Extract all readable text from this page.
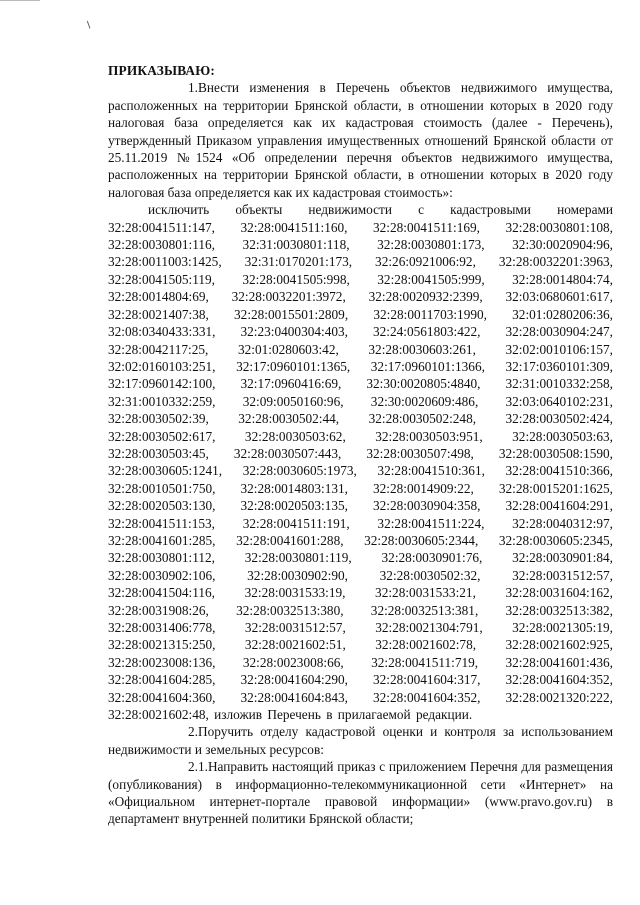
ПРИКАЗЫВАЮ:

1.Внести изменения в Перечень объектов недвижимого имущества, расположенных на территории Брянской области, в отношении которых в 2020 году налоговая база определяется как их кадастровая стоимость (далее - Перечень), утвержденный Приказом управления имущественных отношений Брянской области от 25.11.2019 №1524 «Об определении перечня объектов недвижимого имущества, расположенных на территории Брянской области, в отношении которых в 2020 году налоговая база определяется как их кадастровая стоимость»:

исключить объекты недвижимости с кадастровыми номерами
32:28:0041511:147, 32:28:0041511:160, 32:28:0041511:169, 32:28:0030801:108,
32:28:0030801:116, 32:31:0030801:118, 32:28:0030801:173, 32:30:0020904:96,
32:28:0011003:1425, 32:31:0170201:173, 32:26:0921006:92, 32:28:0032201:3963,
32:28:0041505:119, 32:28:0041505:998, 32:28:0041505:999, 32:28:0014804:74,
32:28:0014804:69, 32:28:0032201:3972, 32:28:0020932:2399, 32:03:0680601:617,
32:28:0021407:38, 32:28:0015501:2809, 32:28:0011703:1990, 32:01:0280206:36,
32:08:0340433:331, 32:23:0400304:403, 32:24:0561803:422, 32:28:0030904:247,
32:28:0042117:25, 32:01:0280603:42, 32:28:0030603:261, 32:02:0010106:157,
32:02:0160103:251, 32:17:0960101:1365, 32:17:0960101:1366, 32:17:0360101:309,
32:17:0960142:100, 32:17:0960416:69, 32:30:0020805:4840, 32:31:0010332:258,
32:31:0010332:259, 32:09:0050160:96, 32:30:0020609:486, 32:03:0640102:231,
32:28:0030502:39, 32:28:0030502:44, 32:28:0030502:248, 32:28:0030502:424,
32:28:0030502:617, 32:28:0030503:62, 32:28:0030503:951, 32:28:0030503:63,
32:28:0030503:45, 32:28:0030507:443, 32:28:0030507:498, 32:28:0030508:1590,
32:28:0030605:1241, 32:28:0030605:1973, 32:28:0041510:361, 32:28:0041510:366,
32:28:0010501:750, 32:28:0014803:131, 32:28:0014909:22, 32:28:0015201:1625,
32:28:0020503:130, 32:28:0020503:135, 32:28:0030904:358, 32:28:0041604:291,
32:28:0041511:153, 32:28:0041511:191, 32:28:0041511:224, 32:28:0040312:97,
32:28:0041601:285, 32:28:0041601:288, 32:28:0030605:2344, 32:28:0030605:2345,
32:28:0030801:112, 32:28:0030801:119, 32:28:0030901:76, 32:28:0030901:84,
32:28:0030902:106, 32:28:0030902:90, 32:28:0030502:32, 32:28:0031512:57,
32:28:0041504:116, 32:28:0031533:19, 32:28:0031533:21, 32:28:0031604:162,
32:28:0031908:26, 32:28:0032513:380, 32:28:0032513:381, 32:28:0032513:382,
32:28:0031406:778, 32:28:0031512:57, 32:28:0021304:791, 32:28:0021305:19,
32:28:0021315:250, 32:28:0021602:51, 32:28:0021602:78, 32:28:0021602:925,
32:28:0023008:136, 32:28:0023008:66, 32:28:0041511:719, 32:28:0041601:436,
32:28:0041604:285, 32:28:0041604:290, 32:28:0041604:317, 32:28:0041604:352,
32:28:0041604:360, 32:28:0041604:843, 32:28:0041604:352, 32:28:0021320:222,
32:28:0021602:48, изложив Перечень в прилагаемой редакции.

2.Поручить отделу кадастровой оценки и контроля за использованием недвижимости и земельных ресурсов:

2.1.Направить настоящий приказ с приложением Перечня для размещения (опубликования) в информационно-телекоммуникационной сети «Интернет» на «Официальном интернет-портале правовой информации» (www.pravo.gov.ru) в департамент внутренней политики Брянской области;
